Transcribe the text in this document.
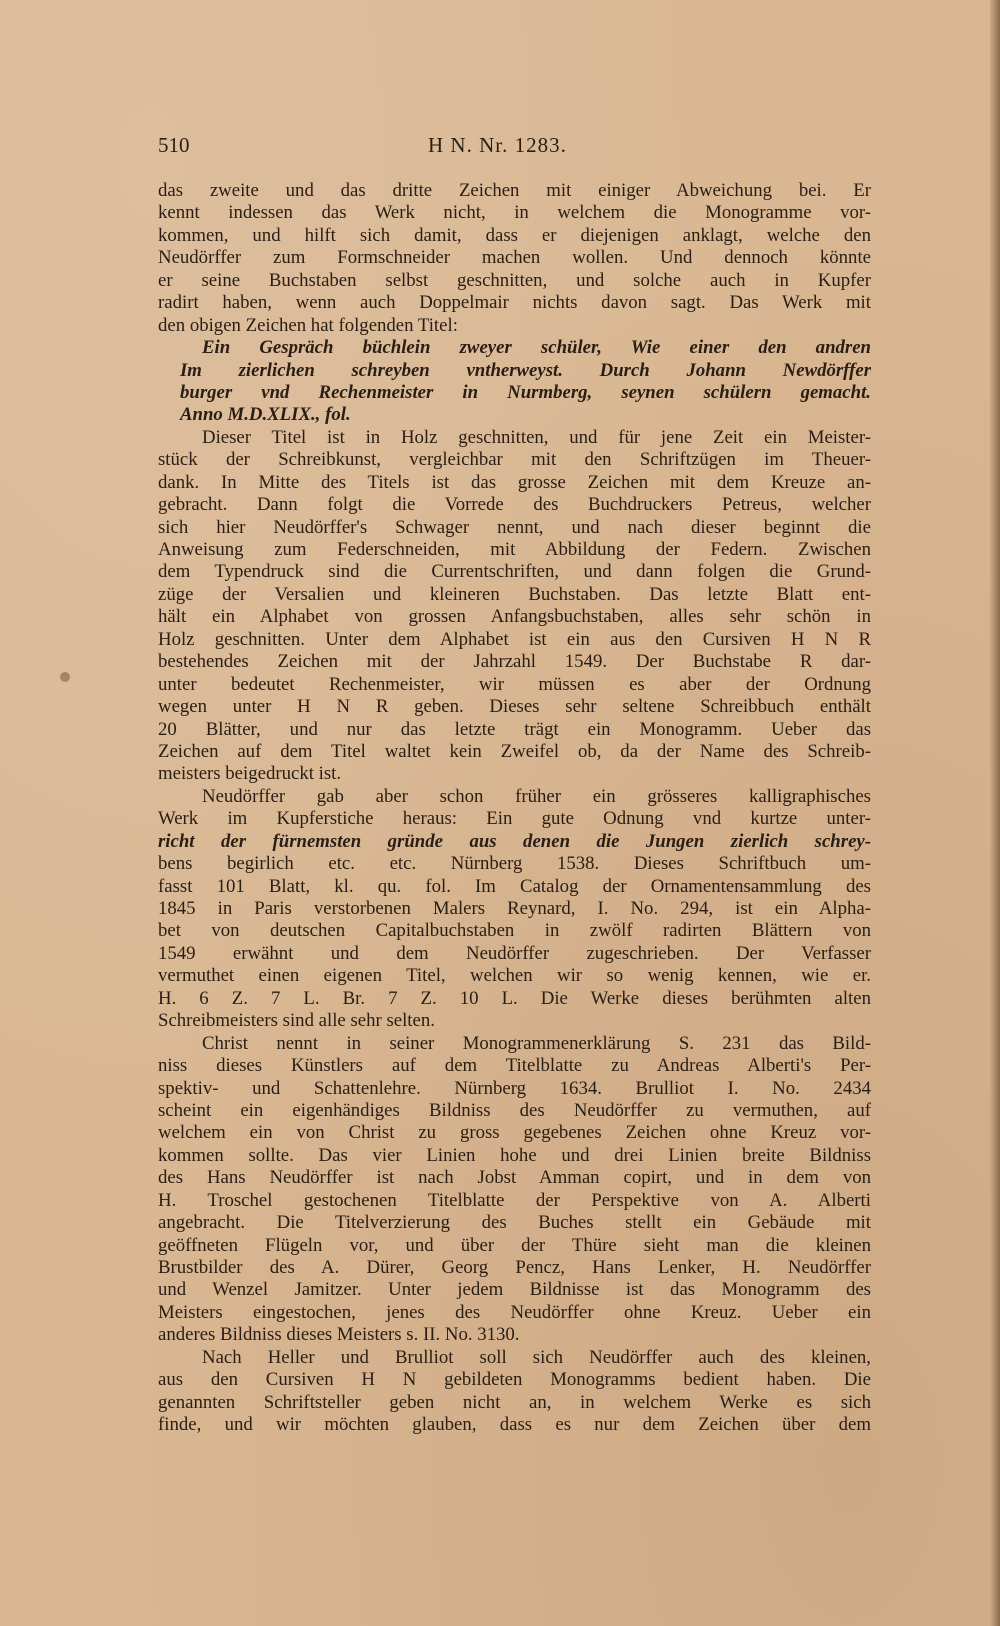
510	H N. Nr. 1283.
das zweite und das dritte Zeichen mit einiger Abweichung bei. Er
kennt indessen das Werk nicht, in welchem die Monogramme vor-
kommen, und hilft sich damit, dass er diejenigen anklagt, welche den
Neudörffer zum Formschneider machen wollen. Und dennoch könnte
er seine Buchstaben selbst geschnitten, und solche auch in Kupfer
radirt haben, wenn auch Doppelmair nichts davon sagt. Das Werk mit
den obigen Zeichen hat folgenden Titel:
Ein Gespräch büchlein zweyer schüler, Wie einer den andren
Im zierlichen schreyben vntherweyst. Durch Johann Newdörffer
burger vnd Rechenmeister in Nurmberg, seynen schülern gemacht.
Anno M.D.XLIX., fol.
Dieser Titel ist in Holz geschnitten, und für jene Zeit ein Meister-
stück der Schreibkunst, vergleichbar mit den Schriftzügen im Theuer-
dank. In Mitte des Titels ist das grosse Zeichen mit dem Kreuze an-
gebracht. Dann folgt die Vorrede des Buchdruckers Petreus, welcher
sich hier Neudörffer's Schwager nennt, und nach dieser beginnt die
Anweisung zum Federschneiden, mit Abbildung der Federn. Zwischen
dem Typendruck sind die Currentschriften, und dann folgen die Grund-
züge der Versalien und kleineren Buchstaben. Das letzte Blatt ent-
hält ein Alphabet von grossen Anfangsbuchstaben, alles sehr schön in
Holz geschnitten. Unter dem Alphabet ist ein aus den Cursiven H N R
bestehendes Zeichen mit der Jahrzahl 1549. Der Buchstabe R dar-
unter bedeutet Rechenmeister, wir müssen es aber der Ordnung
wegen unter H N R geben. Dieses sehr seltene Schreibbuch enthält
20 Blätter, und nur das letzte trägt ein Monogramm. Ueber das
Zeichen auf dem Titel waltet kein Zweifel ob, da der Name des Schreib-
meisters beigedruckt ist.
Neudörffer gab aber schon früher ein grösseres kalligraphisches
Werk im Kupferstiche heraus: Ein gute Odnung vnd kurtze unter-
richt der fürnemsten gründe aus denen die Jungen zierlich schrey-
bens begirlich etc. etc. Nürnberg 1538. Dieses Schriftbuch um-
fasst 101 Blatt, kl. qu. fol. Im Catalog der Ornamentensammlung des
1845 in Paris verstorbenen Malers Reynard, I. No. 294, ist ein Alpha-
bet von deutschen Capitalbuchstaben in zwölf radirten Blättern von
1549 erwähnt und dem Neudörffer zugeschrieben. Der Verfasser
vermuthet einen eigenen Titel, welchen wir so wenig kennen, wie er.
H. 6 Z. 7 L. Br. 7 Z. 10 L. Die Werke dieses berühmten alten
Schreibmeisters sind alle sehr selten.
Christ nennt in seiner Monogrammenerklärung S. 231 das Bild-
niss dieses Künstlers auf dem Titelblatte zu Andreas Alberti's Per-
spektiv- und Schattenlehre. Nürnberg 1634. Brulliot I. No. 2434
scheint ein eigenhändiges Bildniss des Neudörffer zu vermuthen, auf
welchem ein von Christ zu gross gegebenes Zeichen ohne Kreuz vor-
kommen sollte. Das vier Linien hohe und drei Linien breite Bildniss
des Hans Neudörffer ist nach Jobst Amman copirt, und in dem von
H. Troschel gestochenen Titelblatte der Perspektive von A. Alberti
angebracht. Die Titelverzierung des Buches stellt ein Gebäude mit
geöffneten Flügeln vor, und über der Thüre sieht man die kleinen
Brustbilder des A. Dürer, Georg Pencz, Hans Lenker, H. Neudörffer
und Wenzel Jamitzer. Unter jedem Bildnisse ist das Monogramm des
Meisters eingestochen, jenes des Neudörffer ohne Kreuz. Ueber ein
anderes Bildniss dieses Meisters s. II. No. 3130.
Nach Heller und Brulliot soll sich Neudörffer auch des kleinen,
aus den Cursiven H N gebildeten Monogramms bedient haben. Die
genannten Schriftsteller geben nicht an, in welchem Werke es sich
finde, und wir möchten glauben, dass es nur dem Zeichen über dem
